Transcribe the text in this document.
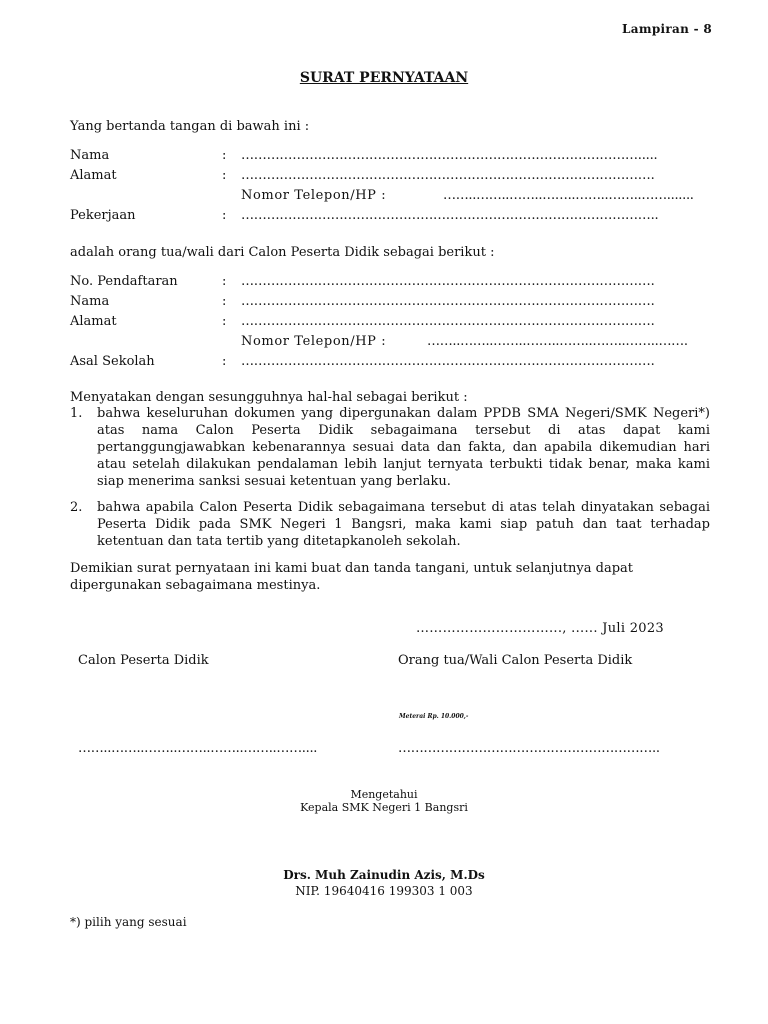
Lampiran - 8
SURAT PERNYATAAN
Yang bertanda tangan di bawah ini :
Nama	: ………………………………………………………………………………….....
Alamat	: …………………………………………………………………………………….
Nomor Telepon/HP :	……..……..……..……..……..……..…….......
Pekerjaan	: ……………………………………………………………………………………..
adalah orang tua/wali dari Calon Peserta Didik sebagai berikut :
No. Pendaftaran	: …………………………………………………………………………………….
Nama	: …………………………………………………………………………………….
Alamat	: …………………………………………………………………………………….
Nomor Telepon/HP :	……..……..……..……..……..……..……..…….
Asal Sekolah	: …………………………………………………………………………………….
Menyatakan dengan sesungguhnya hal-hal sebagai berikut :
1. bahwa keseluruhan dokumen yang dipergunakan dalam PPDB SMA Negeri/SMK Negeri*) atas nama Calon Peserta Didik sebagaimana tersebut di atas dapat kami pertanggungjawabkan kebenarannya sesuai data dan fakta, dan apabila dikemudian hari atau setelah dilakukan pendalaman lebih lanjut ternyata terbukti tidak benar, maka kami siap menerima sanksi sesuai ketentuan yang berlaku.
2. bahwa apabila Calon Peserta Didik sebagaimana tersebut di atas telah dinyatakan sebagai Peserta Didik pada SMK Negeri 1 Bangsri, maka kami siap patuh dan taat terhadap ketentuan dan tata tertib yang ditetapkanoleh sekolah.
Demikian surat pernyataan ini kami buat dan tanda tangani, untuk selanjutnya dapat dipergunakan sebagaimana mestinya.
…………………………..., ...... Juli 2023
Calon Peserta Didik	Orang tua/Wali Calon Peserta Didik
Meterai Rp. 10.000,-
……..……..……..……..……..……..……....	……………………………………………………..
Mengetahui
Kepala SMK Negeri 1 Bangsri
Drs. Muh Zainudin Azis, M.Ds
NIP. 19640416 199303 1 003
*) pilih yang sesuai
